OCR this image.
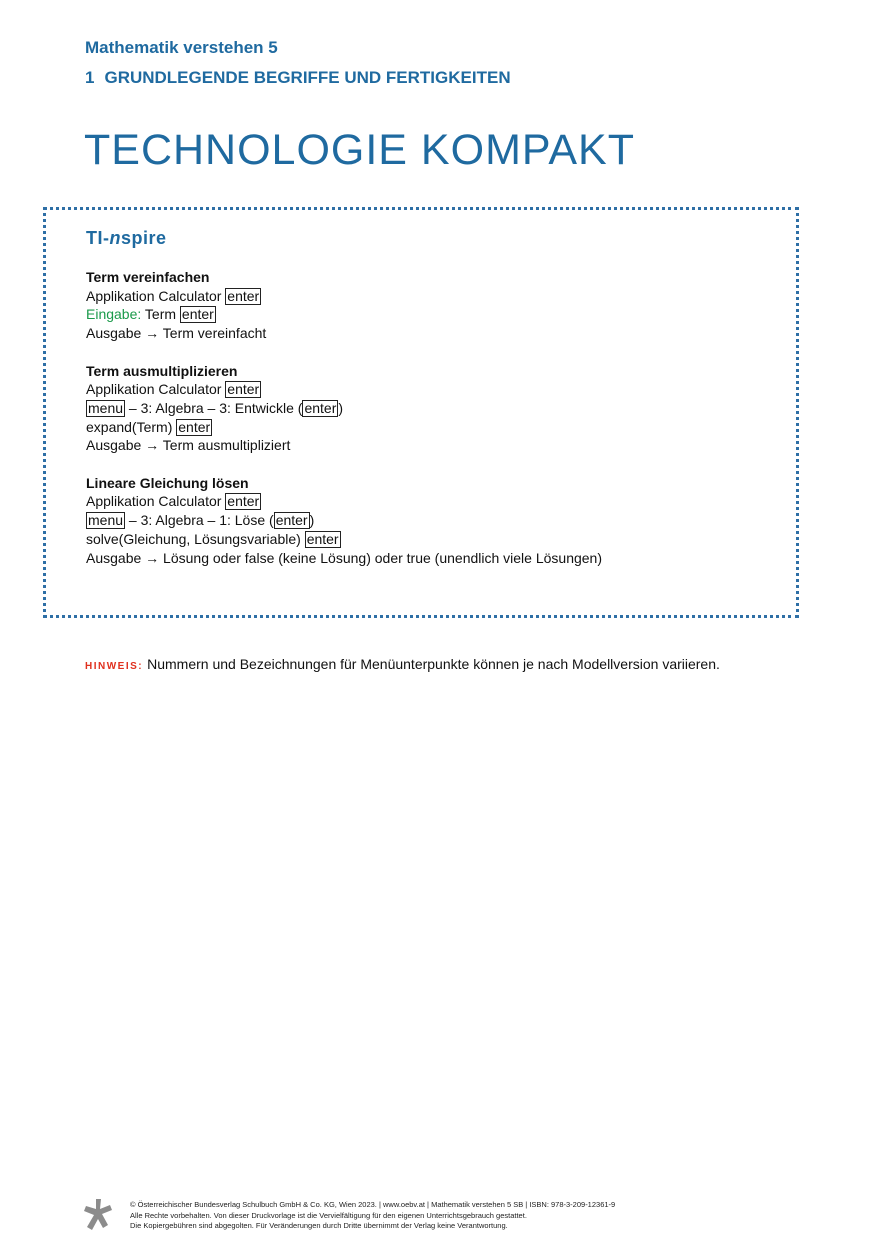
Mathematik verstehen 5
1 GRUNDLEGENDE BEGRIFFE UND FERTIGKEITEN
TECHNOLOGIE KOMPAKT
TI-nspire
Term vereinfachen
Applikation Calculator enter
Eingabe: Term enter
Ausgabe → Term vereinfacht
Term ausmultiplizieren
Applikation Calculator enter
menu – 3: Algebra – 3: Entwickle ( enter )
expand(Term) enter
Ausgabe → Term ausmultipliziert
Lineare Gleichung lösen
Applikation Calculator enter
menu – 3: Algebra – 1: Löse ( enter )
solve(Gleichung, Lösungsvariable) enter
Ausgabe → Lösung oder false (keine Lösung) oder true (unendlich viele Lösungen)
HINWEIS: Nummern und Bezeichnungen für Menüunterpunkte können je nach Modellversion variieren.
© Österreichischer Bundesverlag Schulbuch GmbH & Co. KG, Wien 2023. | www.oebv.at | Mathematik verstehen 5 SB | ISBN: 978-3-209-12361-9
Alle Rechte vorbehalten. Von dieser Druckvorlage ist die Vervielfältigung für den eigenen Unterrichtsgebrauch gestattet.
Die Kopiergebühren sind abgegolten. Für Veränderungen durch Dritte übernimmt der Verlag keine Verantwortung.
